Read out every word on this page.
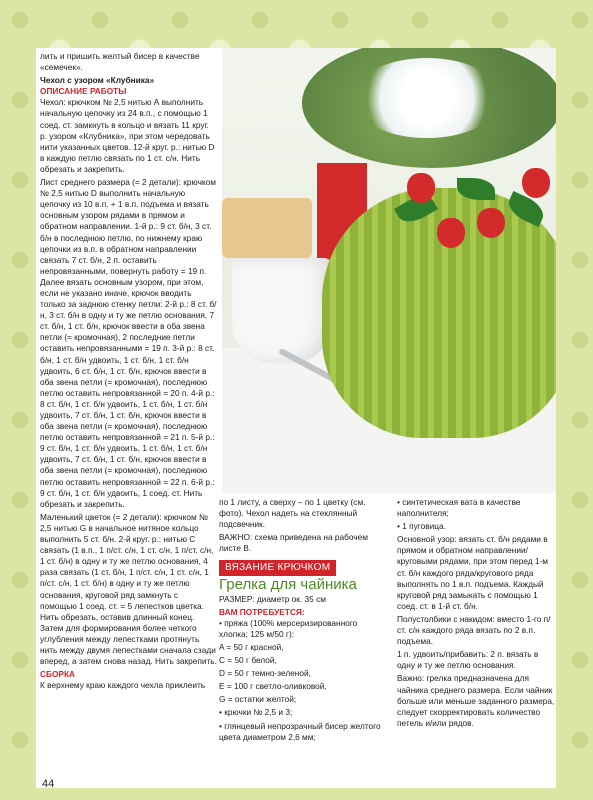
лить и пришить желтый бисер в качестве «семечек».

Чехол с узором «Клубника»

ОПИСАНИЕ РАБОТЫ

Чехол: крючком № 2,5 нитью А выполнить начальную цепочку из 24 в.п., с помощью 1 соед. ст. замкнуть в кольцо и вязать 11 круг. р. узором «Клубника», при этом чередовать нити указанных цветов. 12-й круг. р.: нитью D в каждую петлю связать по 1 ст. с/н. Нить обрезать и закрепить.

Лист среднего размера (= 2 детали): крючком № 2,5 нитью D выполнить начальную цепочку из 10 в.п. + 1 в.п. подъема и вязать основным узором рядами в прямом и обратном направлении. 1-й р.: 9 ст. б/н, 3 ст. б/н в последнюю петлю, по нижнему краю цепочки из в.п. в обратном направлении связать 7 ст. б/н, 2 п. оставить непровязанными, повернуть работу = 19 п. Далее вязать основным узором, при этом, если не указано иначе, крючок вводить только за заднюю стенку петли: 2-й р.: 8 ст. б/н, 3 ст. б/н в одну и ту же петлю основания, 7 ст. б/н, 1 ст. б/н, крючок ввести в оба звена петли (= кромочная), 2 последние петли оставить непровязанными = 19 п. 3-й р.: 8 ст. б/н, 1 ст. б/н удвоить, 1 ст. б/н, 1 ст. б/н удвоить, 6 ст. б/н, 1 ст. б/н, крючок ввести в оба звена петли (= кромочная), последнюю петлю оставить непровязанной = 20 п. 4-й р.: 8 ст. б/н, 1 ст. б/н удвоить, 1 ст. б/н, 1 ст. б/н удвоить, 7 ст. б/н, 1 ст. б/н, крючок ввести в оба звена петли (= кромочная), последнюю петлю оставить непровязанной = 21 п. 5-й р.: 9 ст. б/н, 1 ст. б/н удвоить, 1 ст. б/н, 1 ст. б/н удвоить, 7 ст. б/н, 1 ст. б/н, крючок ввести в оба звена петли (= кромочная), последнюю петлю оставить непровязанной = 22 п. 6-й р.: 9 ст. б/н, 1 ст. б/н удвоить, 1 соед. ст. Нить обрезать и закрепить.

Маленький цветок (= 2 детали): крючком № 2,5 нитью G в начальное нитяное кольцо выполнить 5 ст. б/н. 2-й круг. р.: нитью С связать (1 в.п., 1 п/ст. с/н, 1 ст. с/н, 1 п/ст. с/н, 1 ст. б/н) в одну и ту же петлю основания, 4 раза связать (1 ст. б/н, 1 п/ст. с/н, 1 ст. с/н, 1 п/ст. с/н, 1 ст. б/н) в одну и ту же петлю основания, круговой ряд замкнуть с помощью 1 соед. ст. = 5 лепестков цветка. Нить обрезать, оставив длинный конец. Затем для формирования более четкого углубления между лепестками протянуть нить между двумя лепестками сначала сзади вперед, а затем снова назад. Нить закрепить.

СБОРКА

К верхнему краю каждого чехла приклеить

по 1 листу, а сверху – по 1 цветку (см. фото). Чехол надеть на стеклянный подсвечник.

ВАЖНО: схема приведена на рабочем листе В.

ВЯЗАНИЕ КРЮЧКОМ

Грелка для чайника

РАЗМЕР: диаметр ок. 35 см

ВАМ ПОТРЕБУЕТСЯ:

• пряжа (100% мерсеризированного хлопка; 125 м/50 г):

A = 50 г красной,

C = 50 г белой,

D = 50 г темно-зеленой,

E = 100 г светло-оливковой,

G = остатки желтой;

• крючки № 2,5 и 3;

• глянцевый непрозрачный бисер желтого цвета диаметром 2,6 мм;

• синтетическая вата в качестве наполнителя;

• 1 пуговица.

Основной узор: вязать ст. б/н рядами в прямом и обратном направлении/круговыми рядами, при этом перед 1-м ст. б/н каждого ряда/кругового ряда выполнять по 1 в.п. подъема. Каждый круговой ряд замыкать с помощью 1 соед. ст. в 1-й ст. б/н.

Полустолбики с накидом: вместо 1-го п/ст. с/н каждого ряда вязать по 2 в.п. подъема.

1 п. удвоить/прибавить: 2 п. вязать в одну и ту же петлю основания.

Важно: грелка предназначена для чайника среднего размера. Если чайник больше или меньше заданного размера, следует скорректировать количество петель и/или рядов.

44	PassionForum.ru
